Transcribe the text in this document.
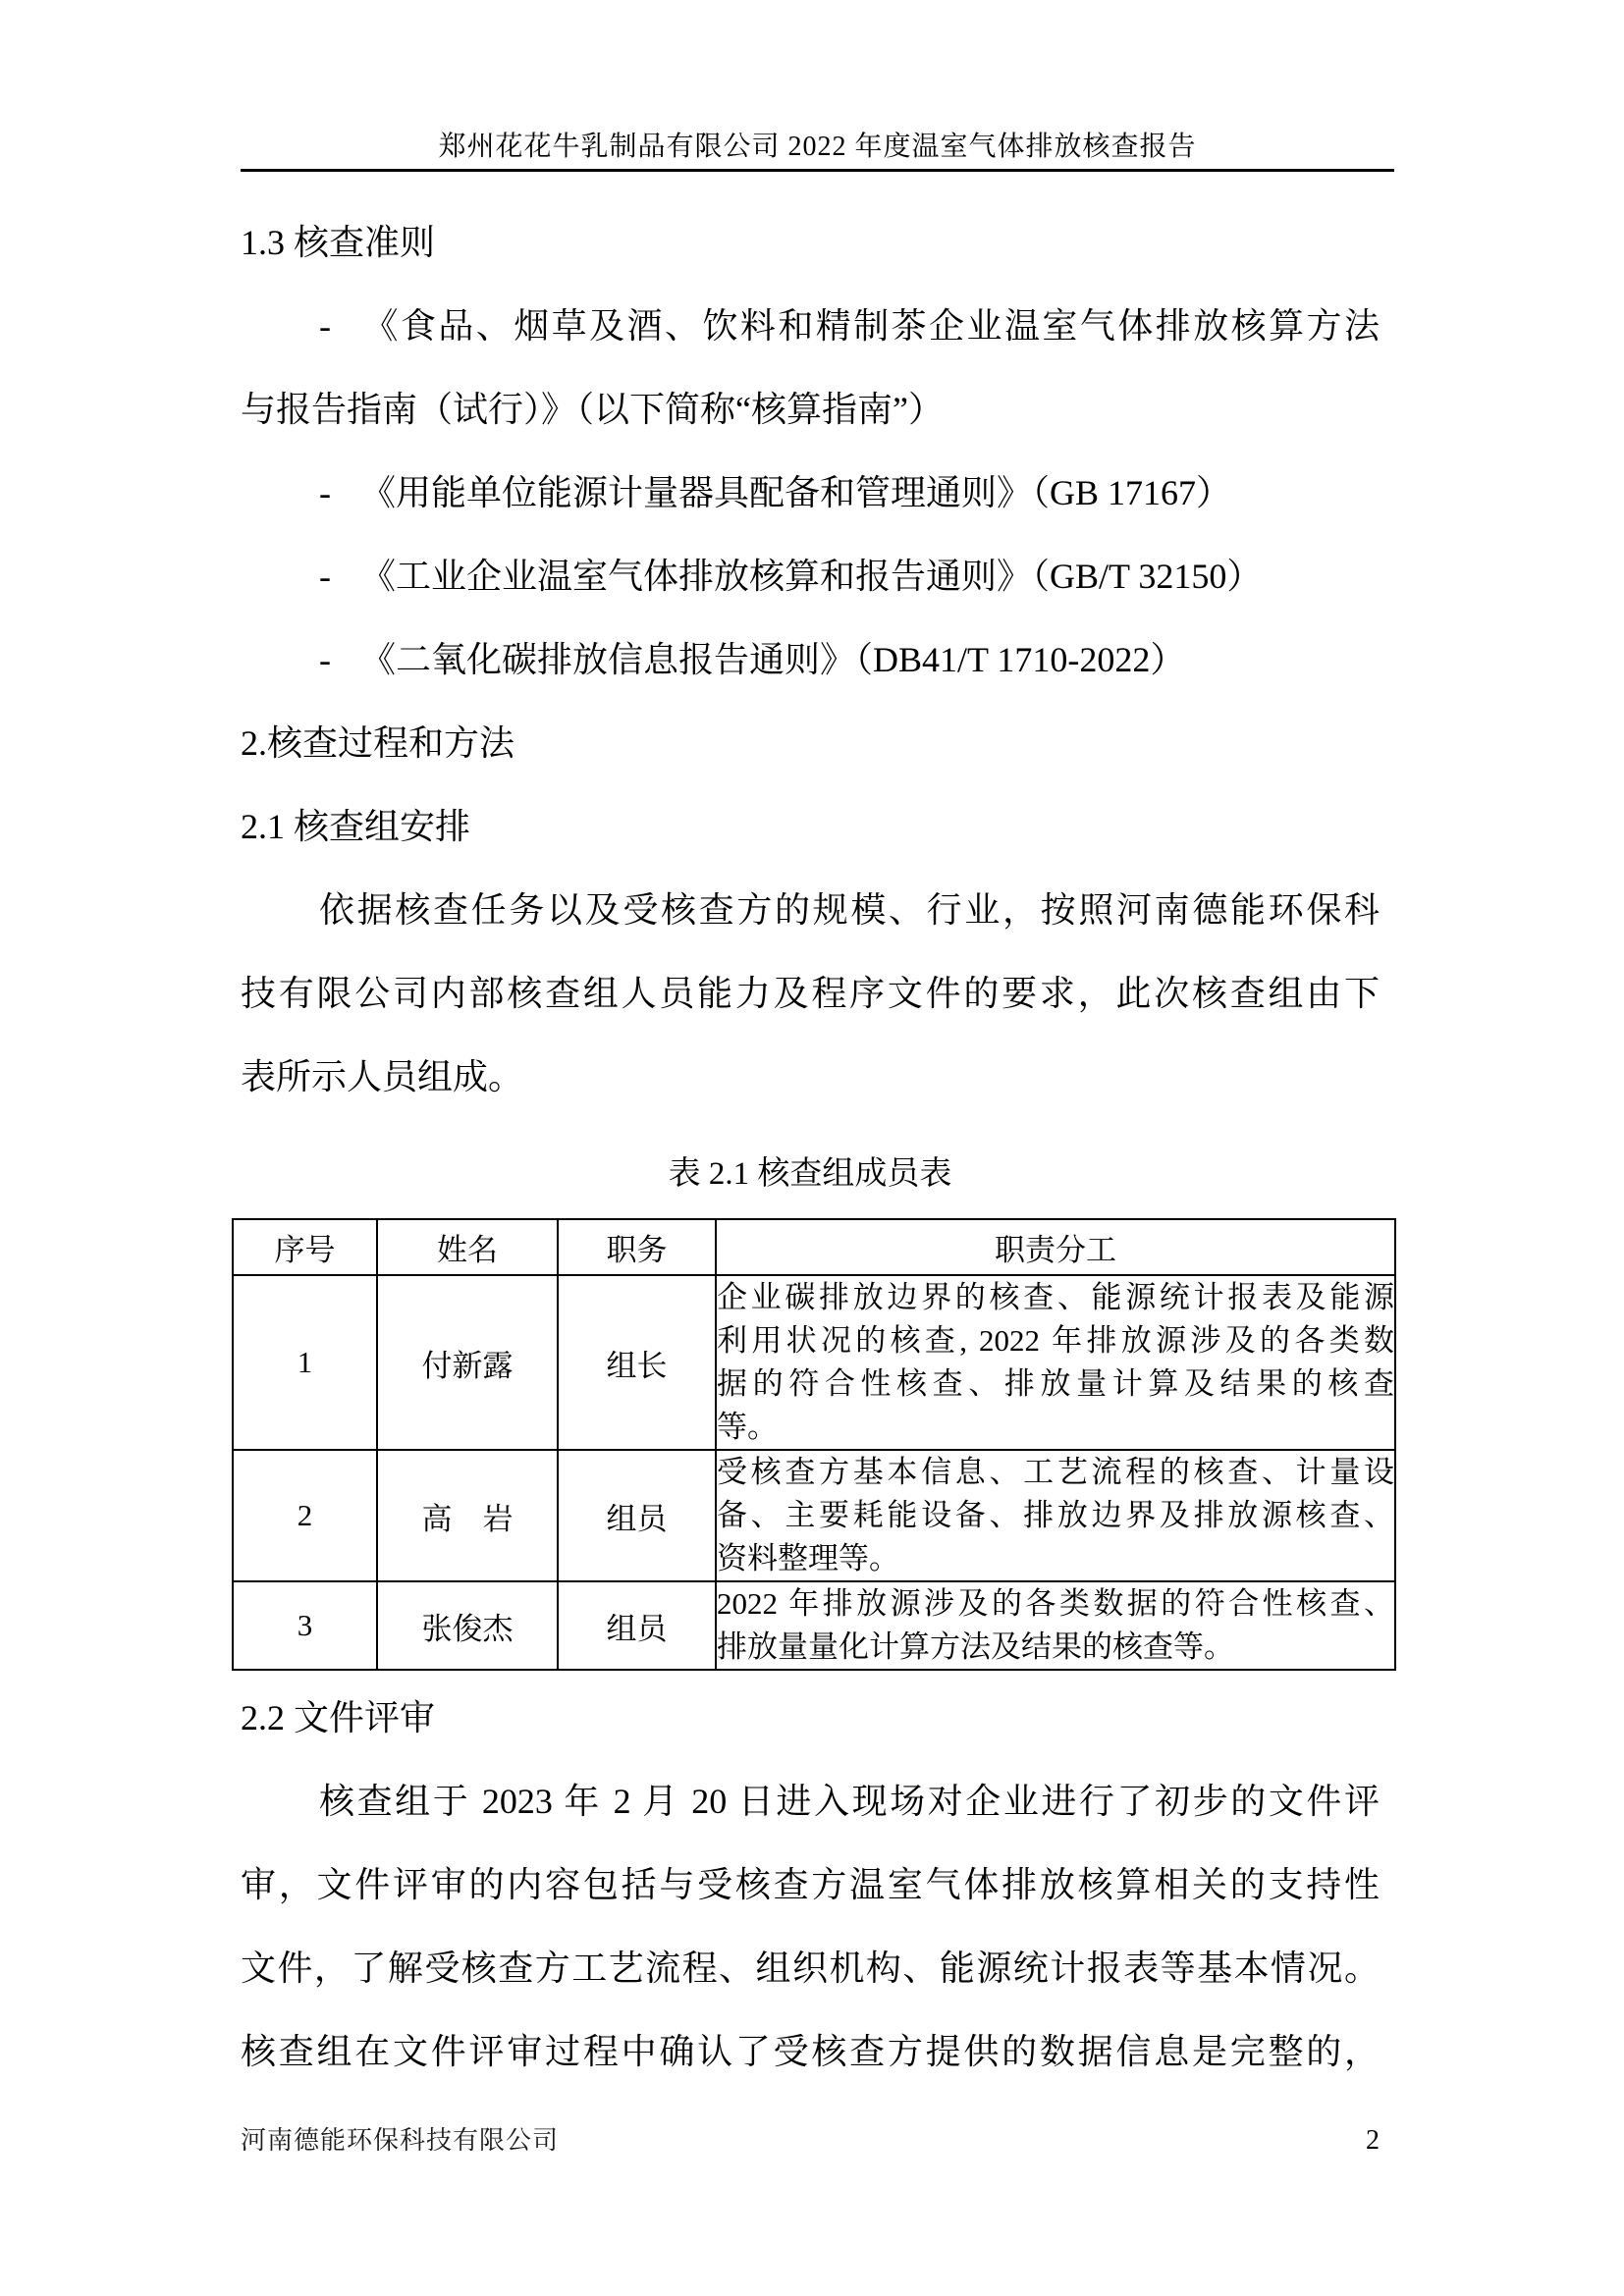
郑州花花牛乳制品有限公司 2022 年度温室气体排放核查报告
1.3 核查准则
- 《食品、烟草及酒、饮料和精制茶企业温室气体排放核算方法
与报告指南（试行）》（以下简称“核算指南”）
- 《用能单位能源计量器具配备和管理通则》（GB 17167）
- 《工业企业温室气体排放核算和报告通则》（GB/T 32150）
- 《二氧化碳排放信息报告通则》（DB41/T 1710-2022）
2.核查过程和方法
2.1 核查组安排
依据核查任务以及受核查方的规模、行业，按照河南德能环保科
技有限公司内部核查组人员能力及程序文件的要求，此次核查组由下
表所示人员组成。
表 2.1 核查组成员表
序号	姓名	职务	职责分工
1	付新露	组长	企业碳排放边界的核查、能源统计报表及能源
利用状况的核查, 2022 年排放源涉及的各类数
据的符合性核查、排放量计算及结果的核查
等。

2	高　岩	组员	受核查方基本信息、工艺流程的核查、计量设
备、主要耗能设备、排放边界及排放源核查、
资料整理等。

3	张俊杰	组员	2022 年排放源涉及的各类数据的符合性核查、
排放量量化计算方法及结果的核查等。
2.2 文件评审
核查组于 2023 年 2 月 20 日进入现场对企业进行了初步的文件评
审，文件评审的内容包括与受核查方温室气体排放核算相关的支持性
文件，了解受核查方工艺流程、组织机构、能源统计报表等基本情况。
核查组在文件评审过程中确认了受核查方提供的数据信息是完整的，
河南德能环保科技有限公司	2
